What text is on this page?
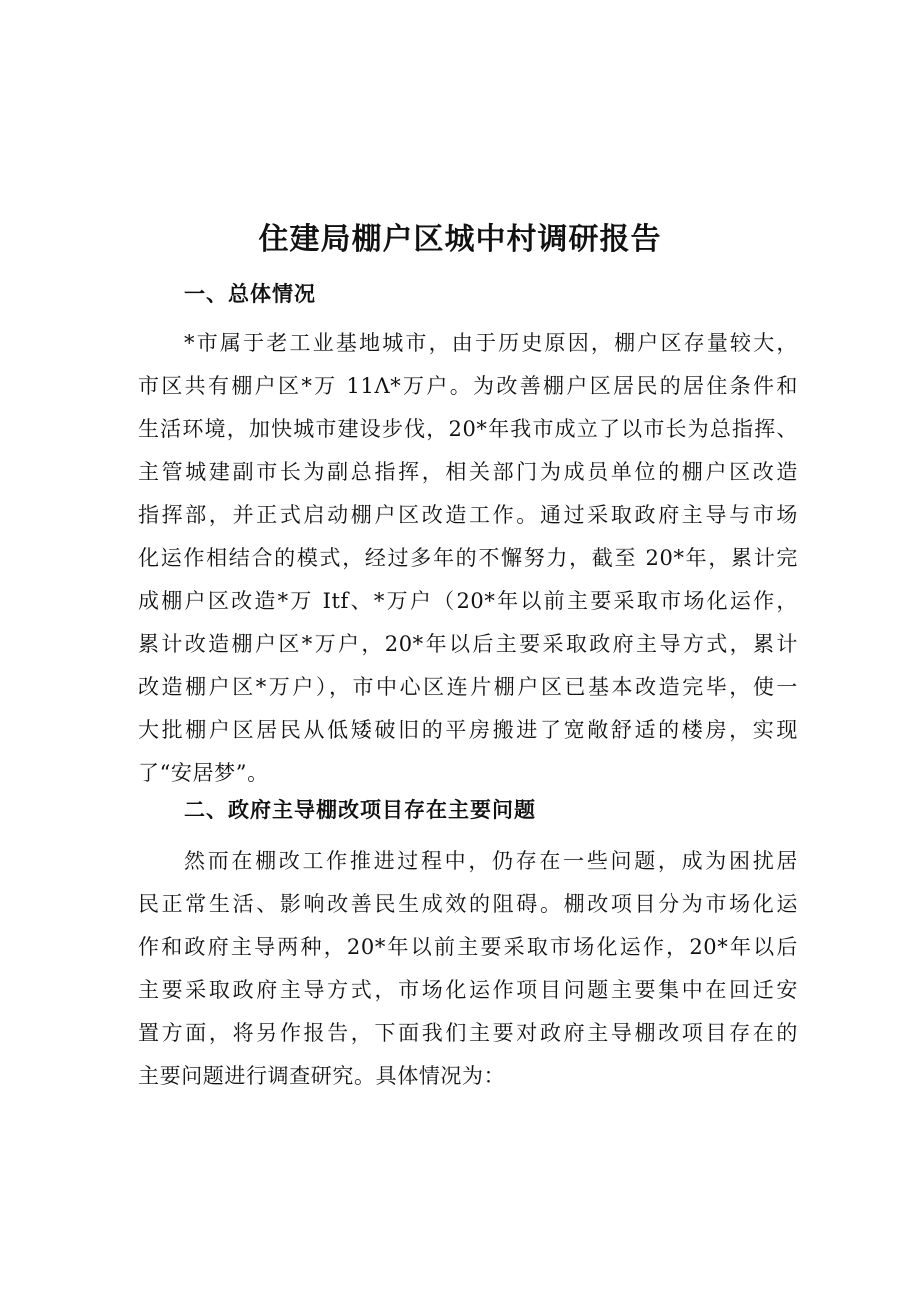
住建局棚户区城中村调研报告
一、总体情况
*市属于老工业基地城市，由于历史原因，棚户区存量较大，
市区共有棚户区*万 11Λ*万户。为改善棚户区居民的居住条件和
生活环境，加快城市建设步伐，20*年我市成立了以市长为总指挥、
主管城建副市长为副总指挥，相关部门为成员单位的棚户区改造
指挥部，并正式启动棚户区改造工作。通过采取政府主导与市场
化运作相结合的模式，经过多年的不懈努力，截至 20*年，累计完
成棚户区改造*万 Itf、*万户（20*年以前主要采取市场化运作，
累计改造棚户区*万户，20*年以后主要采取政府主导方式，累计
改造棚户区*万户），市中心区连片棚户区已基本改造完毕，使一
大批棚户区居民从低矮破旧的平房搬进了宽敞舒适的楼房，实现
了“安居梦”。
二、政府主导棚改项目存在主要问题
然而在棚改工作推进过程中，仍存在一些问题，成为困扰居
民正常生活、影响改善民生成效的阻碍。棚改项目分为市场化运
作和政府主导两种，20*年以前主要采取市场化运作，20*年以后
主要采取政府主导方式，市场化运作项目问题主要集中在回迁安
置方面，将另作报告，下面我们主要对政府主导棚改项目存在的
主要问题进行调查研究。具体情况为：
